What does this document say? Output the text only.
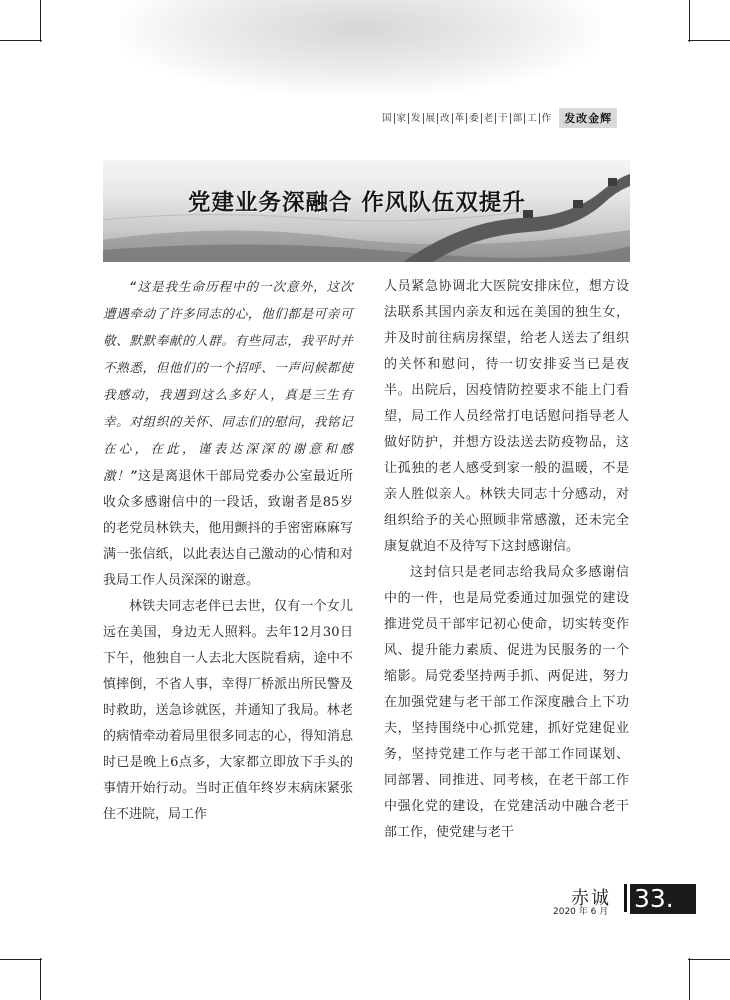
国 家 发 展 改 革 委 老 干 部 工 作	发改金辉
党建业务深融合 作风队伍双提升

“这是我生命历程中的一次意外，这次遭遇牵动了许多同志的心，他们都是可亲可敬、默默奉献的人群。有些同志，我平时并不熟悉，但他们的一个招呼、一声问候都使我感动，我遇到这么多好人，真是三生有幸。对组织的关怀、同志们的慰问，我铭记在心，在此，谨表达深深的谢意和感激！”这是离退休干部局党委办公室最近所收众多感谢信中的一段话，致谢者是85岁的老党员林铁夫，他用颤抖的手密密麻麻写满一张信纸，以此表达自己激动的心情和对我局工作人员深深的谢意。

林铁夫同志老伴已去世，仅有一个女儿远在美国，身边无人照料。去年12月30日下午，他独自一人去北大医院看病，途中不慎摔倒，不省人事，幸得厂桥派出所民警及时救助，送急诊就医，并通知了我局。林老的病情牵动着局里很多同志的心，得知消息时已是晚上6点多，大家都立即放下手头的事情开始行动。当时正值年终岁末病床紧张住不进院，局工作

人员紧急协调北大医院安排床位，想方设法联系其国内亲友和远在美国的独生女，并及时前往病房探望，给老人送去了组织的关怀和慰问，待一切安排妥当已是夜半。出院后，因疫情防控要求不能上门看望，局工作人员经常打电话慰问指导老人做好防护，并想方设法送去防疫物品，这让孤独的老人感受到家一般的温暖，不是亲人胜似亲人。林铁夫同志十分感动，对组织给予的关心照顾非常感激，还未完全康复就迫不及待写下这封感谢信。

这封信只是老同志给我局众多感谢信中的一件，也是局党委通过加强党的建设推进党员干部牢记初心使命，切实转变作风、提升能力素质、促进为民服务的一个缩影。局党委坚持两手抓、两促进，努力在加强党建与老干部工作深度融合上下功夫，坚持围绕中心抓党建，抓好党建促业务，坚持党建工作与老干部工作同谋划、同部署、同推进、同考核，在老干部工作中强化党的建设，在党建活动中融合老干部工作，使党建与老干

赤诚
2020 年 6 月 33.
